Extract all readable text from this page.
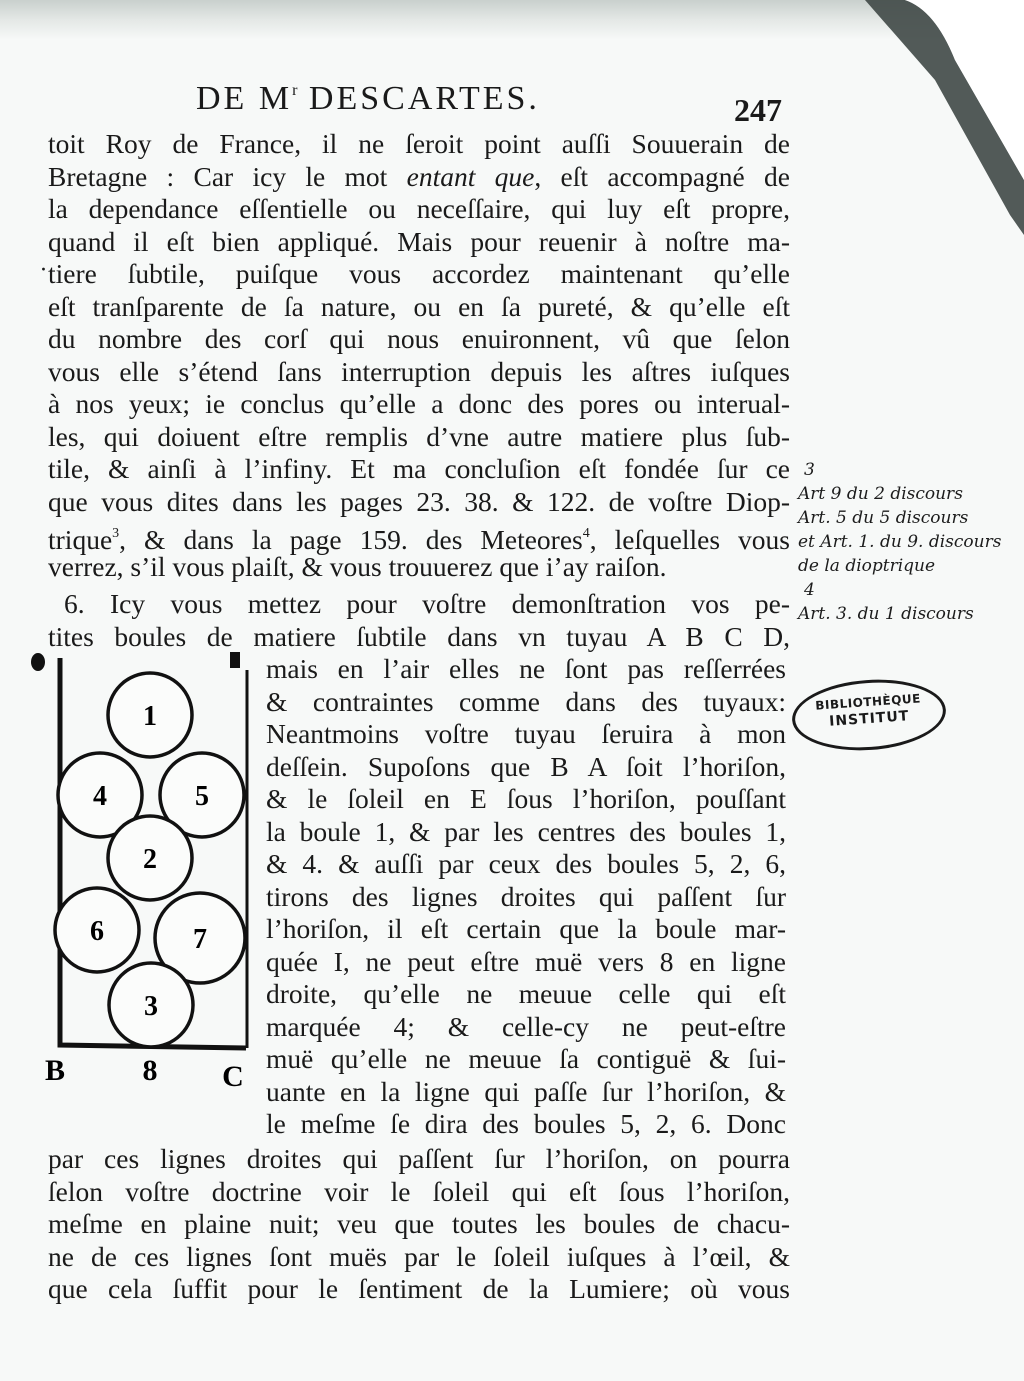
DE $M^r$ DESCARTES.	247
toit Roy de France, il ne ſeroit point auſſi Souuerain de
Bretagne : Car icy le mot entant que, eſt accompagné de
la dependance eſſentielle ou neceſſaire, qui luy eſt propre,
quand il eſt bien appliqué. Mais pour reuenir à noſtre ma-
tiere ſubtile, puiſque vous accordez maintenant qu’elle
eſt tranſparente de ſa nature, ou en ſa pureté, & qu’elle eſt
du nombre des corſ qui nous enuironnent, vû que ſelon
vous elle s’étend ſans interruption depuis les aſtres iuſques
à nos yeux; ie conclus qu’elle a donc des pores ou interual-
les, qui doiuent eſtre remplis d’vne autre matiere plus ſub-
tile, & ainſi à l’infiny. Et ma concluſion eſt fondée ſur ce
que vous dites dans les pages 23. 38. & 122. de voſtre Diop-
trique$^3$, & dans la page 159. des Meteores$^4$, leſquelles vous
verrez, s’il vous plaiſt, & vous trouuerez que i’ay raiſon.
6. Icy vous mettez pour voſtre demonſtration vos pe-
tites boules de matiere ſubtile dans vn tuyau A B C D,
mais en l’air elles ne ſont pas reſſerrées
& contraintes comme dans des tuyaux:
Neantmoins voſtre tuyau ſeruira à mon
deſſein. Supoſons que B A ſoit l’horiſon,
& le ſoleil en E ſous l’horiſon, pouſſant
la boule 1, & par les centres des boules 1,
& 4. & auſſi par ceux des boules 5, 2, 6,
tirons des lignes droites qui paſſent ſur
l’horiſon, il eſt certain que la boule mar-
quée I, ne peut eſtre muë vers 8 en ligne
droite, qu’elle ne meuue celle qui eſt
marquée 4; & celle-cy ne peut-eſtre
muë qu’elle ne meuue ſa contiguë & ſui-
uante en la ligne qui paſſe ſur l’horiſon, &
le meſme ſe dira des boules 5, 2, 6. Donc
par ces lignes droites qui paſſent ſur l’horiſon, on pourra
ſelon voſtre doctrine voir le ſoleil qui eſt ſous l’horiſon,
meſme en plaine nuit; veu que toutes les boules de chacu-
ne de ces lignes ſont muës par le ſoleil iuſques à l’œil, &
que cela ſuffit pour le ſentiment de la Lumiere; où vous
1
4	5
2
6	7
3
B	8 C
3
Art 9 du 2 discours
Art. 5 du 5 discours
et Art. 1. du 9. discours
de la dioptrique
4
Art. 3. du 1 discours
BIBLIOTHÈQUE
INSTITUT
·
